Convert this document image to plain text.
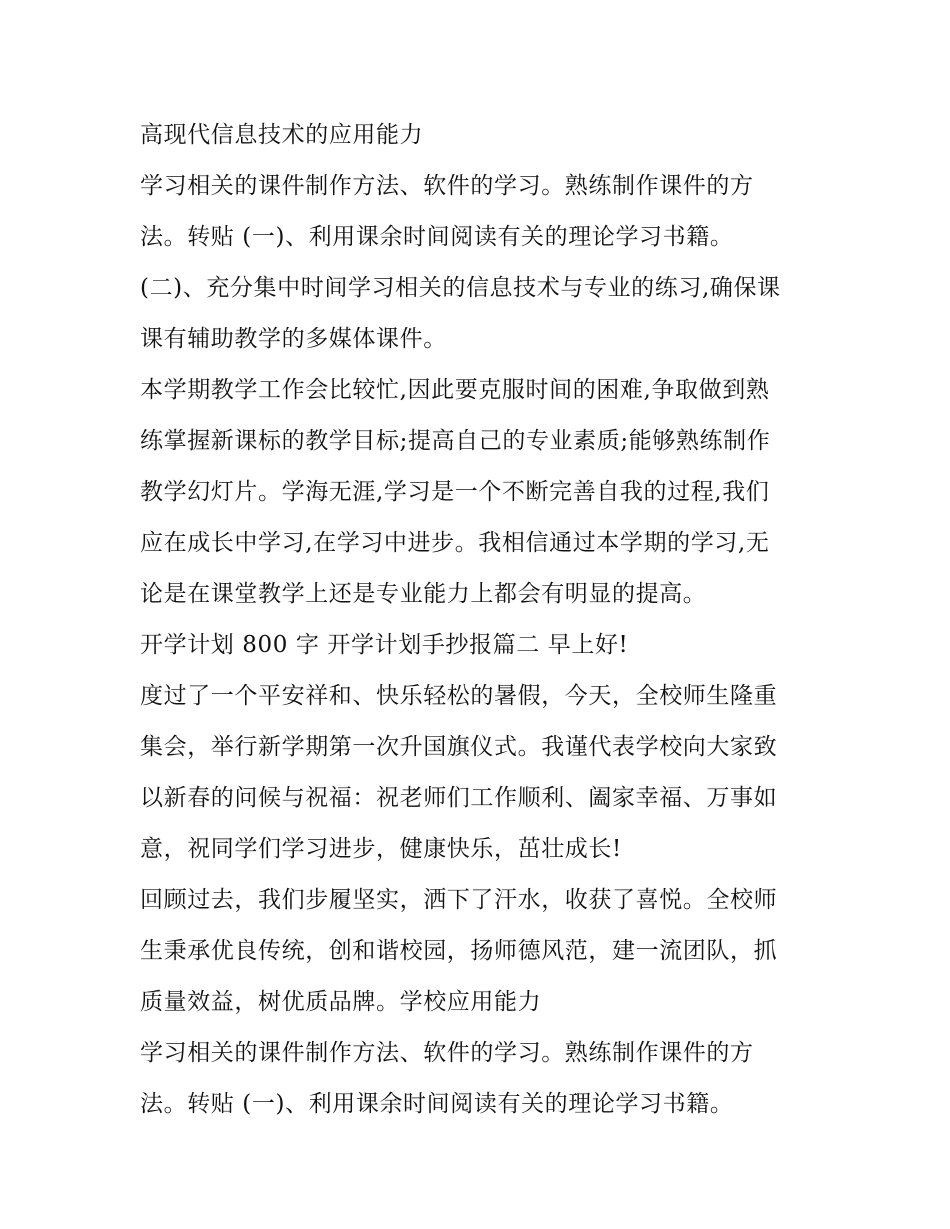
高现代信息技术的应用能力
学习相关的课件制作方法、软件的学习。熟练制作课件的方
法。转贴 (一)、利用课余时间阅读有关的理论学习书籍。
(二)、充分集中时间学习相关的信息技术与专业的练习,确保课
课有辅助教学的多媒体课件。
本学期教学工作会比较忙,因此要克服时间的困难,争取做到熟
练掌握新课标的教学目标;提高自己的专业素质;能够熟练制作
教学幻灯片。学海无涯,学习是一个不断完善自我的过程,我们
应在成长中学习,在学习中进步。我相信通过本学期的学习,无
论是在课堂教学上还是专业能力上都会有明显的提高。
开学计划 800 字 开学计划手抄报篇二 早上好!
度过了一个平安祥和、快乐轻松的暑假，今天，全校师生隆重
集会，举行新学期第一次升国旗仪式。我谨代表学校向大家致
以新春的问候与祝福：祝老师们工作顺利、阖家幸福、万事如
意，祝同学们学习进步，健康快乐，茁壮成长!
回顾过去，我们步履坚实，洒下了汗水，收获了喜悦。全校师
生秉承优良传统，创和谐校园，扬师德风范，建一流团队，抓
质量效益，树优质品牌。学校应用能力
学习相关的课件制作方法、软件的学习。熟练制作课件的方
法。转贴 (一)、利用课余时间阅读有关的理论学习书籍。
